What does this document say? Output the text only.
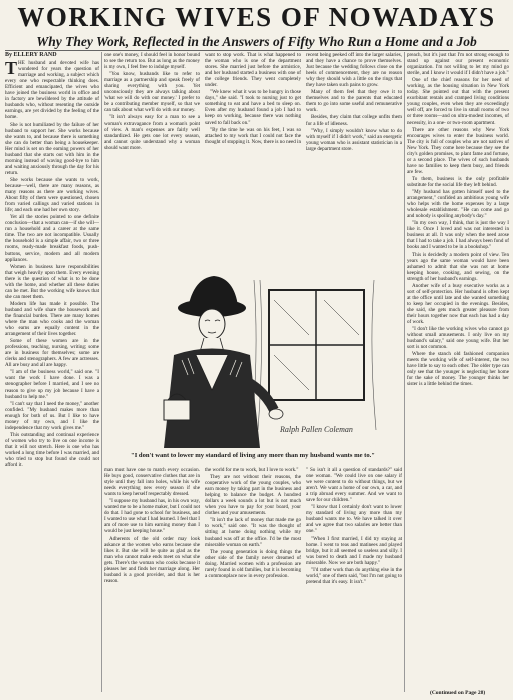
WORKING WIVES OF NOWADAYS
Why They Work, Reflected in the Answers of Fifty Who Run a Home and a Job

By ELLERY RAND

T HE husband and devoted wife has wondered for years the question of marriage and working, a subject which every one who respectable thinking does. Efficient and emancipated, the wives who have joined the business world in office and in factory are bewildered by the attitude of husbands who, without resenting the outside earnings, are yet divided by the feeling of the home.

She is not humiliated by the failure of her husband to support her. She works because she wants to, and because there is something she can do better than being a housekeeper. Her mind is set on the earning powers of her husband that she starts out with him in the morning instead of waving good-bye to him and waiting anxiously through the day for his return.

She works because she wants to work, because—well, there are many reasons, as many reasons as there are working wives. About fifty of them were questioned, chosen from varied callings and varied stations in life; and each one had her own story.

Yet all the stories pointed to one definite conclusion—that a woman can—if she will—run a household and a career at the same time. The two are not incompatible. Usually the household is a simple affair, two or three rooms, ready-made breakfast foods, push-buttons, service, modern and all modern appliances.

Women in business have responsibilities that weigh heavily upon them. Every evening there is the question of what is to be done with the home, and whether all these duties can be met. But the working wife knows that she can meet them.

Modern life has made it possible. The husband and wife share the housework and the financial burden. There are many homes where the man who cooks and the woman who earns are equally content in the arrangement of their lives together.

Some of these women are in the professions, teaching, nursing, writing; some are in business for themselves; some are clerks and stenographers. A few are actresses. All are busy and all are happy.

"I am of the business world," said one. "I want the work I have done. I was a stenographer before I married, and I see no reason to give up my job because I have a husband to help me."

"I can't say that I need the money," another confided. "My husband makes more than enough for both of us. But I like to have money of my own, and I like the independence that my work gives me."

This outstanding and continual experience of women who try to live on one income is that it will not stretch. Here is one who has worked a long time before I was married, and who tried to stop but found she could not afford it.

one one's money, I should feel in honor bound to see the return too. But as long as the money is my own, I feel free to indulge myself.

"You know, husbands like to refer to marriage as a partnership and speak freely of sharing everything with you. Yet unconsciously they are always talking about 'what we will do with our money.' I prefer to be a contributing member myself, so that we can talk about what we'll do with our money.

"It isn't always easy for a man to see a woman's extravagance from a woman's point of view. A man's expenses are fairly well standardized. He gets one lot every season, and cannot quite understand why a woman should want more.

want to stop work. That is what happened to the woman who is one of the department stores. She married just before the armistice, and her husband started a business with one of the college friends. They went completely under.

"We knew what it was to be hungry in those days," she said. "I took to nursing just to get something to eat and have a bed to sleep on. Even after my husband found a job I had to keep on working, because there was nothing saved to fall back on."

"By the time he was on his feet, I was so attached to my work that I could not face the thought of stopping it. Now, there is no need in

recent being peeked off into the larger salaries, and they have a chance to prove themselves. Just because the wedding follows close on the heels of commencement, they are no reason why they should wish a little on the rings that they have taken such pains to grow.

Many of them feel that they owe it to themselves and to the parents that educated them to go into some useful and remunerative work.

Besides, they claim that college unfits them for a life of idleness.

"Why, I simply wouldn't know what to do with myself if I didn't work," said an energetic young woman who is assistant statistician in a large department store.

preach, but it's just that I'm not strong enough to stand up against our present economic organization. I'm not willing to let my mind go sterile, and I know it would if I didn't have a job."

One of the chief reasons for her need of working, as the housing situation in New York today. She pointed out that with the present exorbitant rentals and cramped living conditions young couples, even when they are exceedingly well off, are forced to live in small rooms of two or three rooms—and on ultra-modest incomes, of necessity, in a one- or two-room apartment.

There are other reasons why New York encourages wives to enter the business world. The city is full of couples who are not natives of New York. They come here because they see the city's golden promises, to plant fame and fortune, or a second place. The wives of such husbands have no families to keep them busy, and friends are few.

To them, business is the only profitable substitute for the social life they left behind.

"My husband has gotten himself used to the arrangement," confided an ambitious young wife who helps with the home expenses by a large wholesale establishment. "He can come and go and nobody is spoiling anybody's day."

"In my own way, I think, that is just the way I like it. Once I loved and was not interested in business at all. It was only when the need arose that I had to take a job. I had always been fond of books and I wanted to be in a bookshop."

This is decidedly a modern point of view. Ten years ago the same woman would have been ashamed to admit that she was not at home keeping house, cooking, and sewing, on the strength of her husband's earnings.

Another wife of a busy executive works as a sort of self-protection. Her husband is often kept at the office until late and she wanted something to keep her occupied in the evenings. Besides, she said, she gets much greater pleasure from their hours together now that each has had a day of work.

"I don't like the working wives who cannot go without small amusements. I only live on my husband's salary," said one young wife. But her sort is not common.

Where the stanch old fashioned companion meets the working wife of self-interest, the two have little to say to each other. The older type can only see that the younger is neglecting her home for the sake of money. The younger thinks her sister is a little behind the times.

Ralph Pallen Coleman
"I don't want to lower my standard of living any more than my husband wants me to."

man must have one to match every occasion. He buys good, conservative clothes that are in style until they fall into holes, while his wife needs everything new every season if she wants to keep herself respectably dressed.

"I suppose my husband has, in his own way, wanted me to be a home maker, but I could not do that. I had gone to school for business, and I wanted to use what I had learned. I feel that I am of more use to him earning money than I would be just keeping house."

Adherents of the old order may look askance at the women who earns because she likes it. But she will be quite as glad as the man who cannot make ends meet on what she gets. There's the woman who cooks because it pleases her and finds her marriage along. Her husband is a good provider, and that is her reason.

the world for me to work, but I love to work."

They are not without their reasons, the cooperative work of the young couples, who earn money by taking part in the business and helping to balance the budget. A hundred dollars a week sounds a lot but is not much when you have to pay for your board, your clothes and your amusements.

"It isn't the lack of money that made me go to work," said one. "It was the thought of sitting at home doing nothing while my husband was off at the office. I'd be the most miserable woman on earth."

The young generation is doing things the other side of the family never dreamed of doing. Married women with a profession are rarely found in old families, but it is becoming a commonplace now in every profession.

" So isn't it all a question of standards?" said one woman. "We could live on one salary if we were content to do without things, but we aren't. We want a home of our own, a car, and a trip abroad every summer. And we want to save for our children."

"I know that I certainly don't want to lower my standard of living any more than my husband wants me to. We have talked it over and we agree that two salaries are better than one."

"When I first married, I did try staying at home. I went to teas and matinees and played bridge, but it all seemed so useless and silly. I was bored to death and I made my husband miserable. Now we are both happy."

"I'd rather work than do anything else in the world," one of them said, "but I'm not going to pretend that it's easy. It isn't."

(Continued on Page 28)
